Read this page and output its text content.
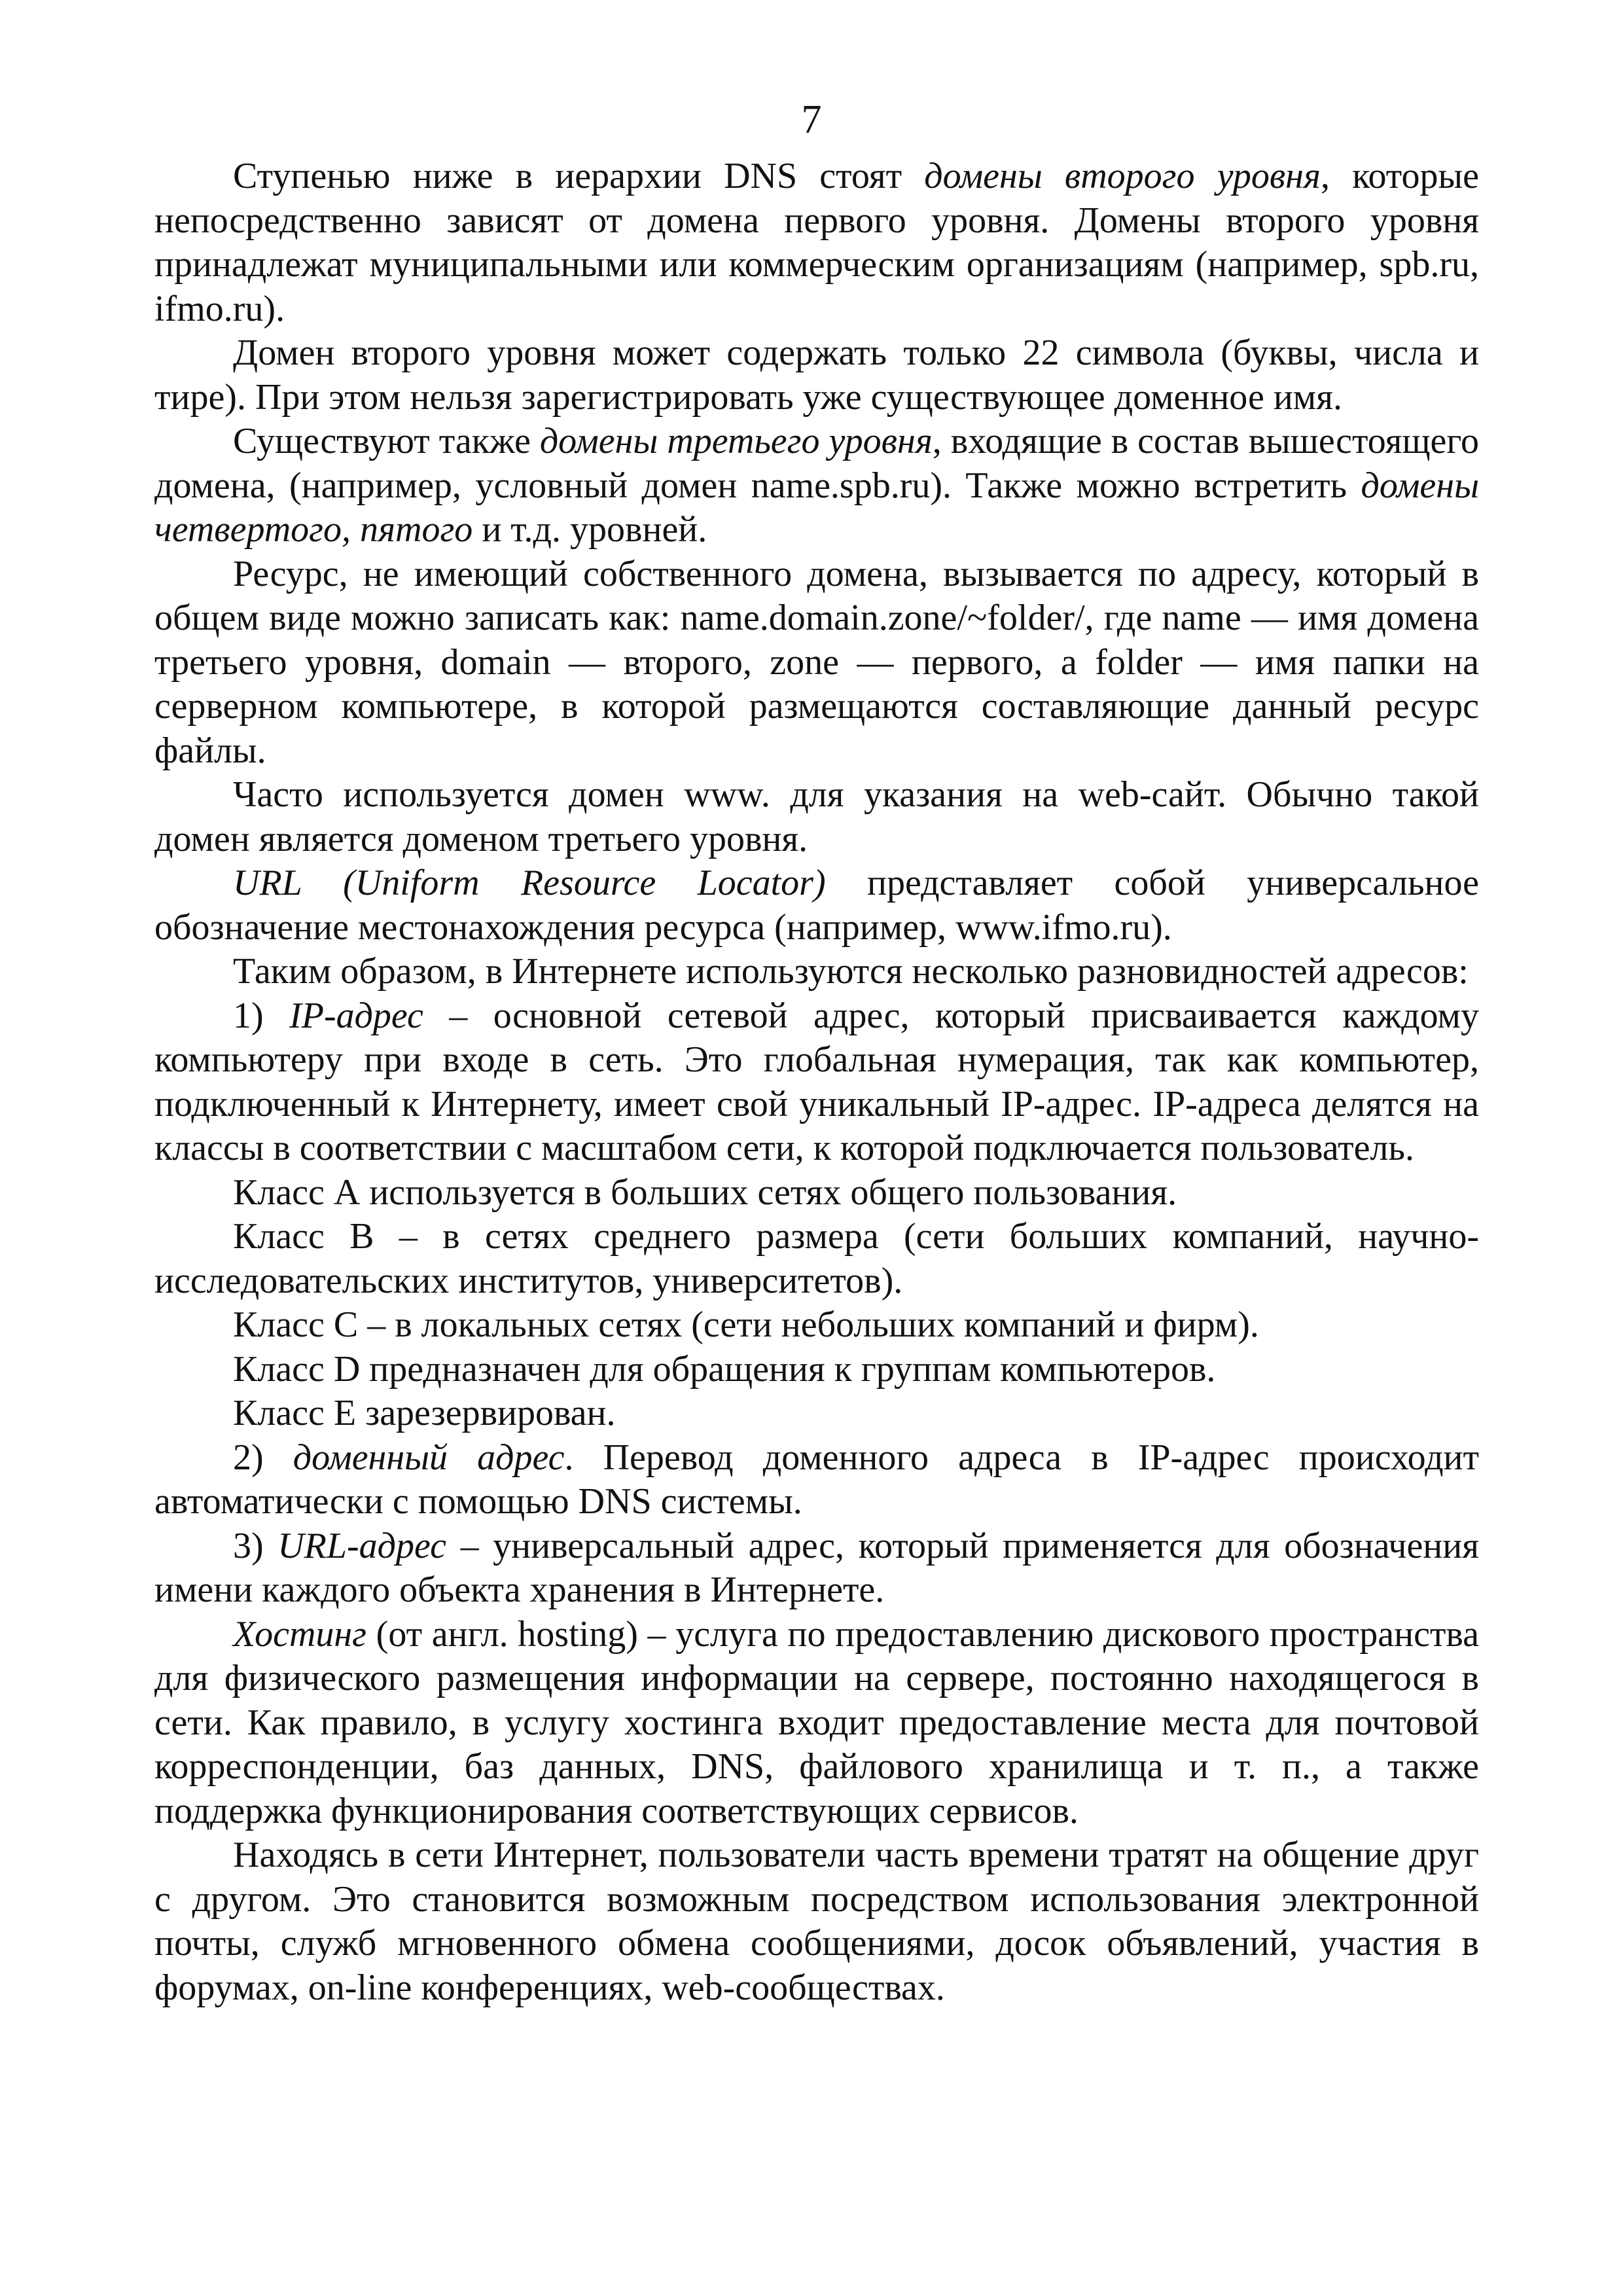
7

Ступенью ниже в иерархии DNS стоят домены второго уровня, которые непосредственно зависят от домена первого уровня. Домены второго уровня принадлежат муниципальными или коммерческим организациям (например, spb.ru, ifmo.ru).

Домен второго уровня может содержать только 22 символа (буквы, числа и тире). При этом нельзя зарегистрировать уже существующее доменное имя.

Существуют также домены третьего уровня, входящие в состав вышестоящего домена, (например, условный домен name.spb.ru). Также можно встретить домены четвертого, пятого и т.д. уровней.

Ресурс, не имеющий собственного домена, вызывается по адресу, который в общем виде можно записать как: name.domain.zone/~folder/, где name — имя домена третьего уровня, domain — второго, zone — первого, а folder — имя папки на серверном компьютере, в которой размещаются составляющие данный ресурс файлы.

Часто используется домен www. для указания на web-сайт. Обычно такой домен является доменом третьего уровня.

URL (Uniform Resource Locator) представляет собой универсальное обозначение местонахождения ресурса (например, www.ifmo.ru).

Таким образом, в Интернете используются несколько разновидностей адресов:

1) IP-адрес – основной сетевой адрес, который присваивается каждому компьютеру при входе в сеть. Это глобальная нумерация, так как компьютер, подключенный к Интернету, имеет свой уникальный IP-адрес. IP-адреса делятся на классы в соответствии с масштабом сети, к которой подключается пользователь.

Класс А используется в больших сетях общего пользования.

Класс В – в сетях среднего размера (сети больших компаний, научно-исследовательских институтов, университетов).

Класс С – в локальных сетях (сети небольших компаний и фирм).

Класс D предназначен для обращения к группам компьютеров.

Класс Е зарезервирован.

2) доменный адрес. Перевод доменного адреса в IP-адрес происходит автоматически с помощью DNS системы.

3) URL-адрес – универсальный адрес, который применяется для обозначения имени каждого объекта хранения в Интернете.

Хостинг (от англ. hosting) – услуга по предоставлению дискового пространства для физического размещения информации на сервере, постоянно находящегося в сети. Как правило, в услугу хостинга входит предоставление места для почтовой корреспонденции, баз данных, DNS, файлового хранилища и т. п., а также поддержка функционирования соответствующих сервисов.

Находясь в сети Интернет, пользователи часть времени тратят на общение друг с другом. Это становится возможным посредством использования электронной почты, служб мгновенного обмена сообщениями, досок объявлений, участия в форумах, on-line конференциях, web-сообществах.
